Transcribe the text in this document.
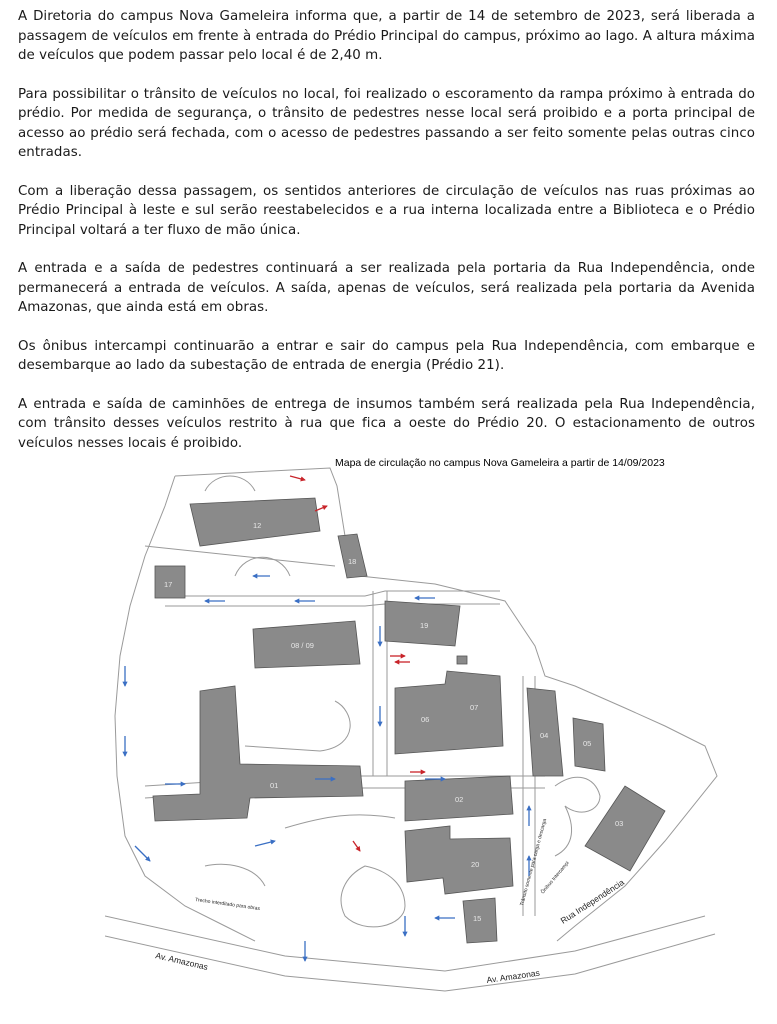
A Diretoria do campus Nova Gameleira informa que, a partir de 14 de setembro de 2023, será liberada a passagem de veículos em frente à entrada do Prédio Principal do campus, próximo ao lago. A altura máxima de veículos que podem passar pelo local é de 2,40 m.

Para possibilitar o trânsito de veículos no local, foi realizado o escoramento da rampa próximo à entrada do prédio. Por medida de segurança, o trânsito de pedestres nesse local será proibido e a porta principal de acesso ao prédio será fechada, com o acesso de pedestres passando a ser feito somente pelas outras cinco entradas.

Com a liberação dessa passagem, os sentidos anteriores de circulação de veículos nas ruas próximas ao Prédio Principal à leste e sul serão reestabelecidos e a rua interna localizada entre a Biblioteca e o Prédio Principal voltará a ter fluxo de mão única.

A entrada e a saída de pedestres continuará a ser realizada pela portaria da Rua Independência, onde permanecerá a entrada de veículos. A saída, apenas de veículos, será realizada pela portaria da Avenida Amazonas, que ainda está em obras.

Os ônibus intercampi continuarão a entrar e sair do campus pela Rua Independência, com embarque e desembarque ao lado da subestação de entrada de energia (Prédio 21).

A entrada e saída de caminhões de entrega de insumos também será realizada pela Rua Independência, com trânsito desses veículos restrito à rua que fica a oeste do Prédio 20. O estacionamento de outros veículos nesses locais é proibido.

Mapa de circulação no campus Nova Gameleira a partir de 14/09/2023
12
17
18
19
08 / 09
06
07
04
05
01
02
03
20
15
Av. Amazonas
Av. Amazonas
Rua Independência
Trecho interditado para obras	Trânsito somente para carga e descarga
Ônibus Intercampi
